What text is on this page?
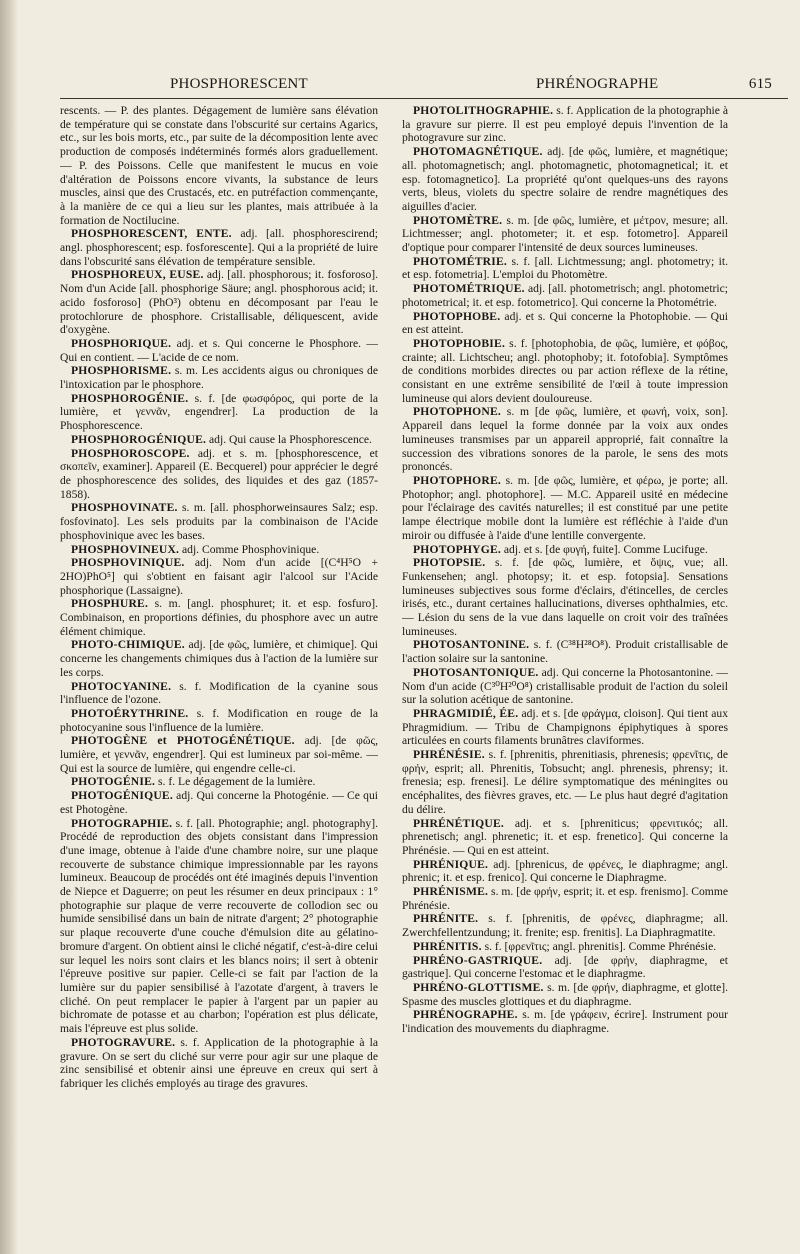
PHOSPHORESCENT	PHRÉNOGRAPHE	615

rescents. — P. des plantes. Dégagement de lumière sans élévation de température qui se constate dans l'obscurité sur certains Agarics, etc., sur les bois morts, etc., par suite de la décomposition lente avec production de composés indéterminés formés alors graduellement. — P. des Poissons. Celle que manifestent le mucus en voie d'altération de Poissons encore vivants, la substance de leurs muscles, ainsi que des Crustacés, etc. en putréfaction commençante, à la manière de ce qui a lieu sur les plantes, mais attribuée à la formation de Noctilucine.

PHOSPHORESCENT, ENTE. adj. [all. phosphorescirend; angl. phosphorescent; esp. fosforescente]. Qui a la propriété de luire dans l'obscurité sans élévation de température sensible.

PHOSPHOREUX, EUSE. adj. [all. phosphorous; it. fosforoso]. Nom d'un Acide [all. phosphorige Säure; angl. phosphorous acid; it. acido fosforoso] (PhO³) obtenu en décomposant par l'eau le protochlorure de phosphore. Cristallisable, déliquescent, avide d'oxygène.

PHOSPHORIQUE. adj. et s. Qui concerne le Phosphore. — Qui en contient. — L'acide de ce nom.

PHOSPHORISME. s. m. Les accidents aigus ou chroniques de l'intoxication par le phosphore.

PHOSPHOROGÉNIE. s. f. [de φωσφόρος, qui porte de la lumière, et γεννᾶν, engendrer]. La production de la Phosphorescence.

PHOSPHOROGÉNIQUE. adj. Qui cause la Phosphorescence.

PHOSPHOROSCOPE. adj. et s. m. [phosphorescence, et σκοπεῖν, examiner]. Appareil (E. Becquerel) pour apprécier le degré de phosphorescence des solides, des liquides et des gaz (1857-1858).

PHOSPHOVINATE. s. m. [all. phosphorweinsaures Salz; esp. fosfovinato]. Les sels produits par la combinaison de l'Acide phosphovinique avec les bases.

PHOSPHOVINEUX. adj. Comme Phosphovinique.

PHOSPHOVINIQUE. adj. Nom d'un acide [(C⁴H⁵O + 2HO)PhO⁵] qui s'obtient en faisant agir l'alcool sur l'Acide phosphorique (Lassaigne).

PHOSPHURE. s. m. [angl. phosphuret; it. et esp. fosfuro]. Combinaison, en proportions définies, du phosphore avec un autre élément chimique.

PHOTO-CHIMIQUE. adj. [de φῶς, lumière, et chimique]. Qui concerne les changements chimiques dus à l'action de la lumière sur les corps.

PHOTOCYANINE. s. f. Modification de la cyanine sous l'influence de l'ozone.

PHOTOÉRYTHRINE. s. f. Modification en rouge de la photocyanine sous l'influence de la lumière.

PHOTOGÈNE et PHOTOGÉNÉTIQUE. adj. [de φῶς, lumière, et γεννᾶν, engendrer]. Qui est lumineux par soi-même. — Qui est la source de lumière, qui engendre celle-ci.

PHOTOGÉNIE. s. f. Le dégagement de la lumière.

PHOTOGÉNIQUE. adj. Qui concerne la Photogénie. — Ce qui est Photogène.

PHOTOGRAPHIE. s. f. [all. Photographie; angl. photography]. Procédé de reproduction des objets consistant dans l'impression d'une image, obtenue à l'aide d'une chambre noire, sur une plaque recouverte de substance chimique impressionnable par les rayons lumineux. Beaucoup de procédés ont été imaginés depuis l'invention de Niepce et Daguerre; on peut les résumer en deux principaux : 1° photographie sur plaque de verre recouverte de collodion sec ou humide sensibilisé dans un bain de nitrate d'argent; 2° photographie sur plaque recouverte d'une couche d'émulsion dite au gélatino-bromure d'argent. On obtient ainsi le cliché négatif, c'est-à-dire celui sur lequel les noirs sont clairs et les blancs noirs; il sert à obtenir l'épreuve positive sur papier. Celle-ci se fait par l'action de la lumière sur du papier sensibilisé à l'azotate d'argent, à travers le cliché. On peut remplacer le papier à l'argent par un papier au bichromate de potasse et au charbon; l'opération est plus délicate, mais l'épreuve est plus solide.

PHOTOGRAVURE. s. f. Application de la photographie à la gravure. On se sert du cliché sur verre pour agir sur une plaque de zinc sensibilisé et obtenir ainsi une épreuve en creux qui sert à fabriquer les clichés employés au tirage des gravures.

PHOTOLITHOGRAPHIE. s. f. Application de la photographie à la gravure sur pierre. Il est peu employé depuis l'invention de la photogravure sur zinc.

PHOTOMAGNÉTIQUE. adj. [de φῶς, lumière, et magnétique; all. photomagnetisch; angl. photomagnetic, photomagnetical; it. et esp. fotomagnetico]. La propriété qu'ont quelques-uns des rayons verts, bleus, violets du spectre solaire de rendre magnétiques des aiguilles d'acier.

PHOTOMÈTRE. s. m. [de φῶς, lumière, et μέτρον, mesure; all. Lichtmesser; angl. photometer; it. et esp. fotometro]. Appareil d'optique pour comparer l'intensité de deux sources lumineuses.

PHOTOMÉTRIE. s. f. [all. Lichtmessung; angl. photometry; it. et esp. fotometria]. L'emploi du Photomètre.

PHOTOMÉTRIQUE. adj. [all. photometrisch; angl. photometric; photometrical; it. et esp. fotometrico]. Qui concerne la Photométrie.

PHOTOPHOBE. adj. et s. Qui concerne la Photophobie. — Qui en est atteint.

PHOTOPHOBIE. s. f. [photophobia, de φῶς, lumière, et φόβος, crainte; all. Lichtscheu; angl. photophoby; it. fotofobia]. Symptômes de conditions morbides directes ou par action réflexe de la rétine, consistant en une extrême sensibilité de l'œil à toute impression lumineuse qui alors devient douloureuse.

PHOTOPHONE. s. m [de φῶς, lumière, et φωνή, voix, son]. Appareil dans lequel la forme donnée par la voix aux ondes lumineuses transmises par un appareil approprié, fait connaître la succession des vibrations sonores de la parole, le sens des mots prononcés.

PHOTOPHORE. s. m. [de φῶς, lumière, et φέρω, je porte; all. Photophor; angl. photophore]. — M.C. Appareil usité en médecine pour l'éclairage des cavités naturelles; il est constitué par une petite lampe électrique mobile dont la lumière est réfléchie à l'aide d'un miroir ou diffusée à l'aide d'une lentille convergente.

PHOTOPHYGE. adj. et s. [de φυγή, fuite]. Comme Lucifuge.

PHOTOPSIE. s. f. [de φῶς, lumière, et ὄψις, vue; all. Funkensehen; angl. photopsy; it. et esp. fotopsia]. Sensations lumineuses subjectives sous forme d'éclairs, d'étincelles, de cercles irisés, etc., durant certaines hallucinations, diverses ophthalmies, etc. — Lésion du sens de la vue dans laquelle on croit voir des traînées lumineuses.

PHOTOSANTONINE. s. f. (C³⁸H²⁸O⁸). Produit cristallisable de l'action solaire sur la santonine.

PHOTOSANTONIQUE. adj. Qui concerne la Photosantonine. — Nom d'un acide (C³⁰H²⁰O⁸) cristallisable produit de l'action du soleil sur la solution acétique de santonine.

PHRAGMIDIÉ, ÉE. adj. et s. [de φράγμα, cloison]. Qui tient aux Phragmidium. — Tribu de Champignons épiphytiques à spores articulées en courts filaments brunâtres claviformes.

PHRÉNÉSIE. s. f. [phrenitis, phrenitiasis, phrenesis; φρενῖτις, de φρήν, esprit; all. Phrenitis, Tobsucht; angl. phrenesis, phrensy; it. frenesia; esp. frenesi]. Le délire symptomatique des méningites ou encéphalites, des fièvres graves, etc. — Le plus haut degré d'agitation du délire.

PHRÉNÉTIQUE. adj. et s. [phreniticus; φρενιτικός; all. phrenetisch; angl. phrenetic; it. et esp. frenetico]. Qui concerne la Phrénésie. — Qui en est atteint.

PHRÉNIQUE. adj. [phrenicus, de φρένες, le diaphragme; angl. phrenic; it. et esp. frenico]. Qui concerne le Diaphragme.

PHRÉNISME. s. m. [de φρήν, esprit; it. et esp. frenismo]. Comme Phrénésie.

PHRÉNITE. s. f. [phrenitis, de φρένες, diaphragme; all. Zwerchfellentzundung; it. frenite; esp. frenitis]. La Diaphragmatite.

PHRÉNITIS. s. f. [φρενῖτις; angl. phrenitis]. Comme Phrénésie.

PHRÉNO-GASTRIQUE. adj. [de φρήν, diaphragme, et gastrique]. Qui concerne l'estomac et le diaphragme.

PHRÉNO-GLOTTISME. s. m. [de φρήν, diaphragme, et glotte]. Spasme des muscles glottiques et du diaphragme.

PHRÉNOGRAPHE. s. m. [de γράφειν, écrire]. Instrument pour l'indication des mouvements du diaphragme.
